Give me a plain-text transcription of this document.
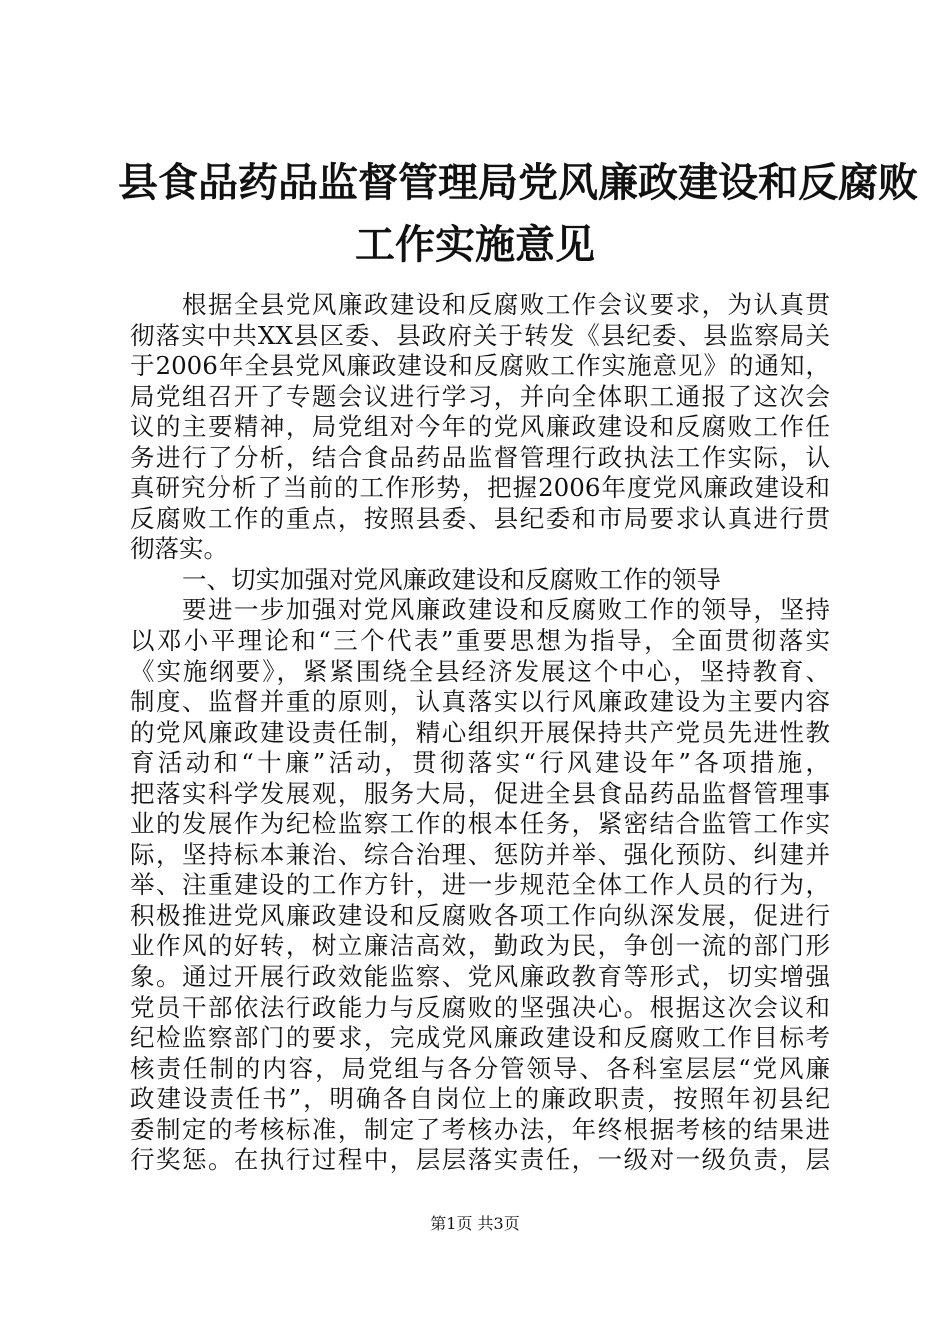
县食品药品监督管理局党风廉政建设和反腐败
工作实施意见
根据全县党风廉政建设和反腐败工作会议要求，为认真贯
彻落实中共XX县区委、县政府关于转发《县纪委、县监察局关
于2006年全县党风廉政建设和反腐败工作实施意见》的通知，
局党组召开了专题会议进行学习，并向全体职工通报了这次会
议的主要精神，局党组对今年的党风廉政建设和反腐败工作任
务进行了分析，结合食品药品监督管理行政执法工作实际，认
真研究分析了当前的工作形势，把握2006年度党风廉政建设和
反腐败工作的重点，按照县委、县纪委和市局要求认真进行贯
彻落实。
一、切实加强对党风廉政建设和反腐败工作的领导
要进一步加强对党风廉政建设和反腐败工作的领导，坚持
以邓小平理论和“三个代表”重要思想为指导，全面贯彻落实
《实施纲要》，紧紧围绕全县经济发展这个中心，坚持教育、
制度、监督并重的原则，认真落实以行风廉政建设为主要内容
的党风廉政建设责任制，精心组织开展保持共产党员先进性教
育活动和“十廉”活动，贯彻落实“行风建设年”各项措施，
把落实科学发展观，服务大局，促进全县食品药品监督管理事
业的发展作为纪检监察工作的根本任务，紧密结合监管工作实
际，坚持标本兼治、综合治理、惩防并举、强化预防、纠建并
举、注重建设的工作方针，进一步规范全体工作人员的行为，
积极推进党风廉政建设和反腐败各项工作向纵深发展，促进行
业作风的好转，树立廉洁高效，勤政为民，争创一流的部门形
象。通过开展行政效能监察、党风廉政教育等形式，切实增强
党员干部依法行政能力与反腐败的坚强决心。根据这次会议和
纪检监察部门的要求，完成党风廉政建设和反腐败工作目标考
核责任制的内容，局党组与各分管领导、各科室层层“党风廉
政建设责任书”，明确各自岗位上的廉政职责，按照年初县纪
委制定的考核标准，制定了考核办法，年终根据考核的结果进
行奖惩。在执行过程中，层层落实责任，一级对一级负责，层
第1页 共3页
